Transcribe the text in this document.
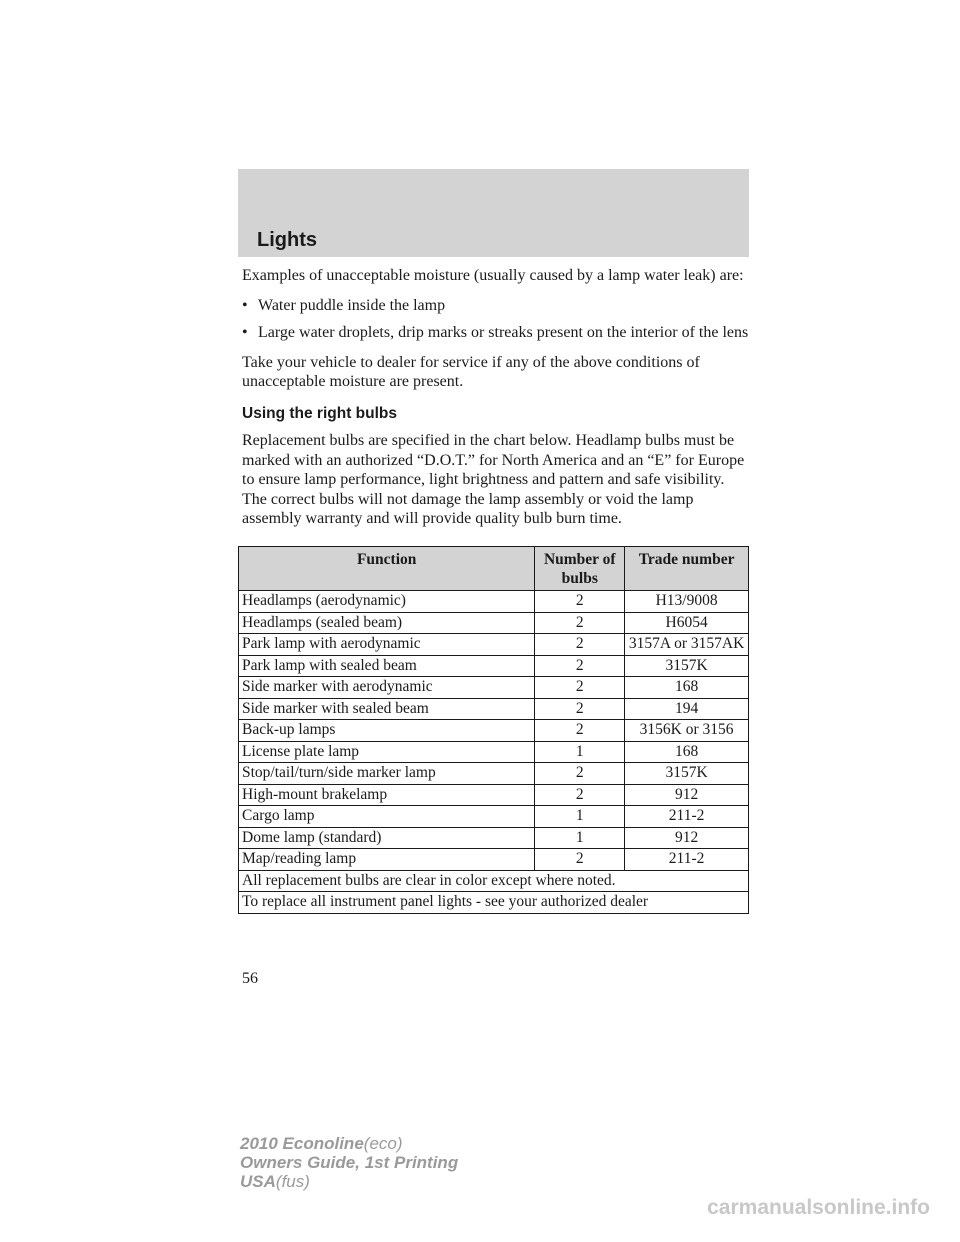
Lights

Examples of unacceptable moisture (usually caused by a lamp water leak) are:

• Water puddle inside the lamp
• Large water droplets, drip marks or streaks present on the interior of the lens

Take your vehicle to dealer for service if any of the above conditions of unacceptable moisture are present.

Using the right bulbs

Replacement bulbs are specified in the chart below. Headlamp bulbs must be marked with an authorized “D.O.T.” for North America and an “E” for Europe to ensure lamp performance, light brightness and pattern and safe visibility. The correct bulbs will not damage the lamp assembly or void the lamp assembly warranty and will provide quality bulb burn time.

Function	Number of bulbs	Trade number
Headlamps (aerodynamic)	2	H13/9008
Headlamps (sealed beam)	2	H6054
Park lamp with aerodynamic	2	3157A or 3157AK
Park lamp with sealed beam	2	3157K
Side marker with aerodynamic	2	168
Side marker with sealed beam	2	194
Back-up lamps	2	3156K or 3156
License plate lamp	1	168
Stop/tail/turn/side marker lamp	2	3157K
High-mount brakelamp	2	912
Cargo lamp	1	211-2
Dome lamp (standard)	1	912
Map/reading lamp	2	211-2
All replacement bulbs are clear in color except where noted.		
To replace all instrument panel lights - see your authorized dealer		
56
2010 Econoline(eco)
Owners Guide, 1st Printing
USA(fus)
carmanualsonline.info
